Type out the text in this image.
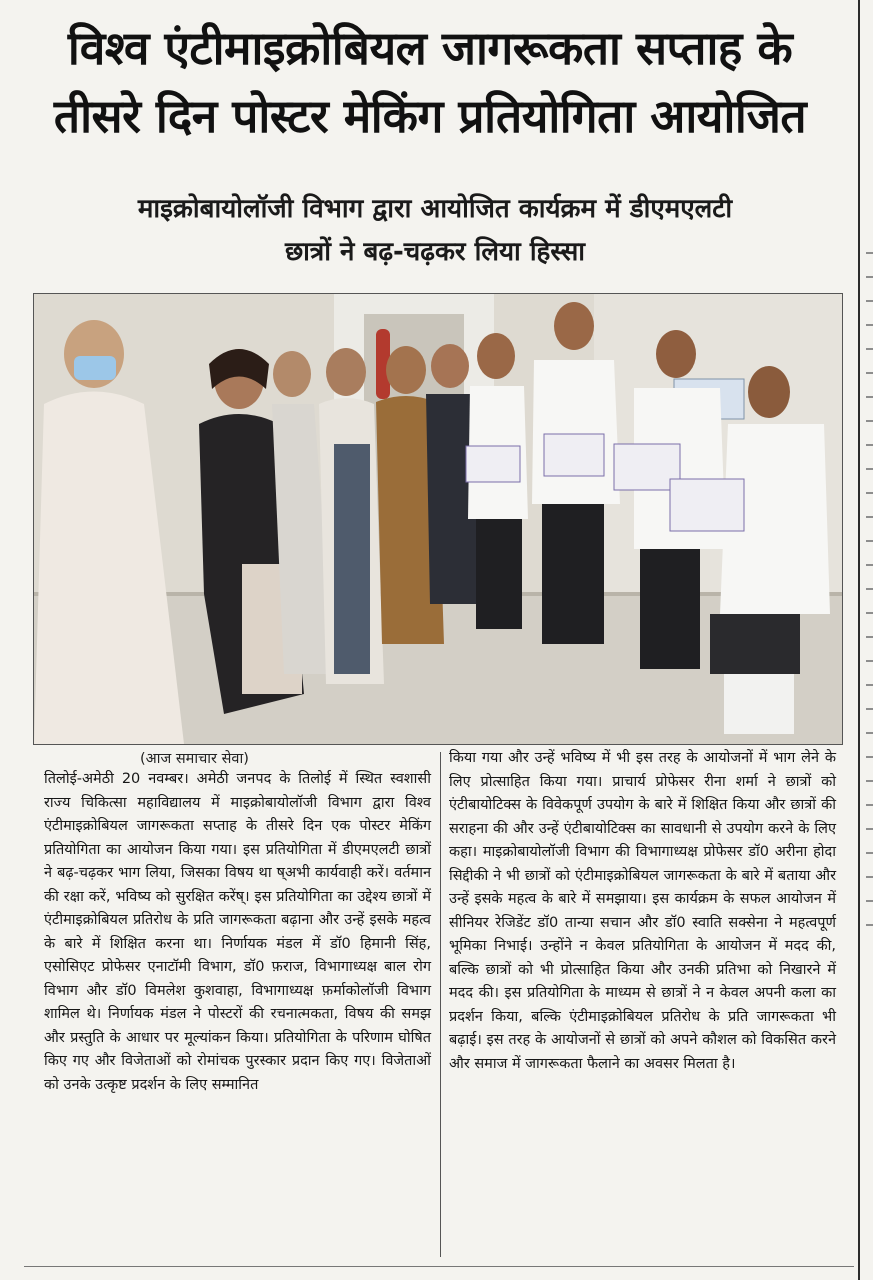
विश्व एंटीमाइक्रोबियल जागरूकता सप्ताह के
तीसरे दिन पोस्टर मेकिंग प्रतियोगिता आयोजित
माइक्रोबायोलॉजी विभाग द्वारा आयोजित कार्यक्रम में डीएमएलटी
छात्रों ने बढ़-चढ़कर लिया हिस्सा
(आज समाचार सेवा)

तिलोई-अमेठी 20 नवम्बर। अमेठी जनपद के तिलोई में स्थित स्वशासी राज्य चिकित्सा महाविद्यालय में माइक्रोबायोलॉजी विभाग द्वारा विश्व एंटीमाइक्रोबियल जागरूकता सप्ताह के तीसरे दिन एक पोस्टर मेकिंग प्रतियोगिता का आयोजन किया गया। इस प्रतियोगिता में डीएमएलटी छात्रों ने बढ़-चढ़कर भाग लिया, जिसका विषय था ष्अभी कार्यवाही करें। वर्तमान की रक्षा करें, भविष्य को सुरक्षित करेंष्। इस प्रतियोगिता का उद्देश्य छात्रों में एंटीमाइक्रोबियल प्रतिरोध के प्रति जागरूकता बढ़ाना और उन्हें इसके महत्व के बारे में शिक्षित करना था। निर्णायक मंडल में डॉ0 हिमानी सिंह, एसोसिएट प्रोफेसर एनाटॉमी विभाग, डॉ0 फ़राज, विभागाध्यक्ष बाल रोग विभाग और डॉ0 विमलेश कुशवाहा, विभागाध्यक्ष फ़र्माकोलॉजी विभाग शामिल थे। निर्णायक मंडल ने पोस्टरों की रचनात्मकता, विषय की समझ और प्रस्तुति के आधार पर मूल्यांकन किया। प्रतियोगिता के परिणाम घोषित किए गए और विजेताओं को रोमांचक पुरस्कार प्रदान किए गए। विजेताओं को उनके उत्कृष्ट प्रदर्शन के लिए सम्मानित

किया गया और उन्हें भविष्य में भी इस तरह के आयोजनों में भाग लेने के लिए प्रोत्साहित किया गया। प्राचार्य प्रोफेसर रीना शर्मा ने छात्रों को एंटीबायोटिक्स के विवेकपूर्ण उपयोग के बारे में शिक्षित किया और छात्रों की सराहना की और उन्हें एंटीबायोटिक्स का सावधानी से उपयोग करने के लिए कहा। माइक्रोबायोलॉजी विभाग की विभागाध्यक्ष प्रोफेसर डॉ0 अरीना होदा सिद्दीकी ने भी छात्रों को एंटीमाइक्रोबियल जागरूकता के बारे में बताया और उन्हें इसके महत्व के बारे में समझाया। इस कार्यक्रम के सफल आयोजन में सीनियर रेजिडेंट डॉ0 तान्या सचान और डॉ0 स्वाति सक्सेना ने महत्वपूर्ण भूमिका निभाई। उन्होंने न केवल प्रतियोगिता के आयोजन में मदद की, बल्कि छात्रों को भी प्रोत्साहित किया और उनकी प्रतिभा को निखारने में मदद की। इस प्रतियोगिता के माध्यम से छात्रों ने न केवल अपनी कला का प्रदर्शन किया, बल्कि एंटीमाइक्रोबियल प्रतिरोध के प्रति जागरूकता भी बढ़ाई। इस तरह के आयोजनों से छात्रों को अपने कौशल को विकसित करने और समाज में जागरूकता फैलाने का अवसर मिलता है।
